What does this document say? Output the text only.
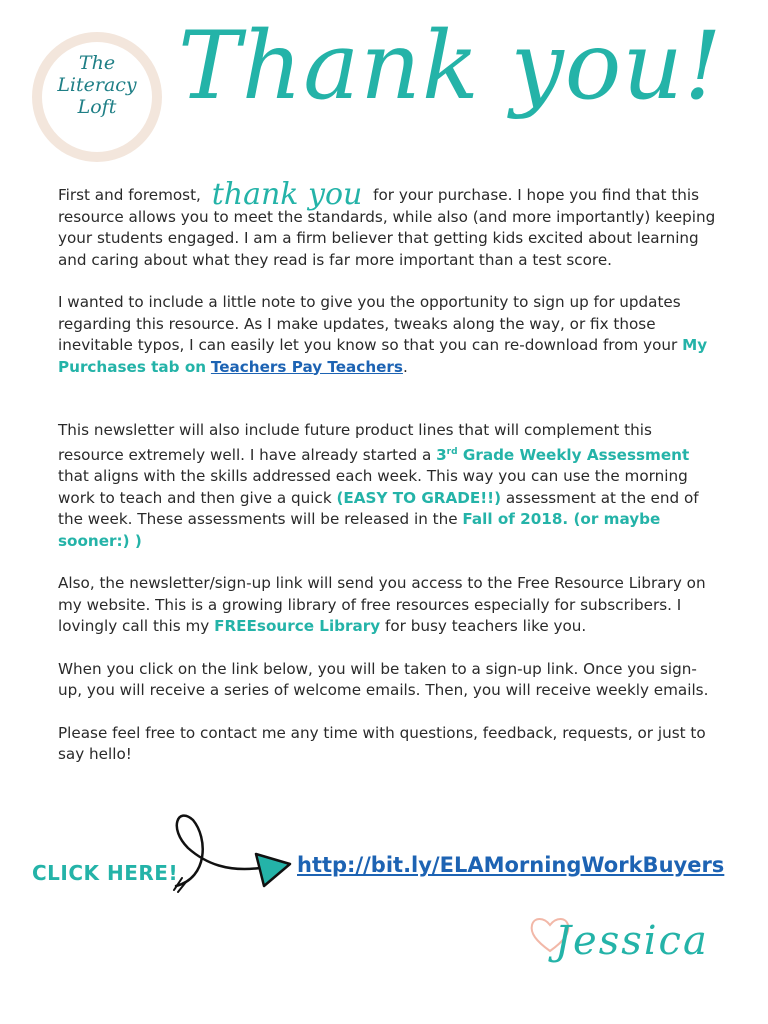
The
Literacy
Loft Thank you!

First and foremost, thank you for your purchase. I hope you find that this resource allows you to meet the standards, while also (and more importantly) keeping your students engaged. I am a firm believer that getting kids excited about learning and caring about what they read is far more important than a test score.

I wanted to include a little note to give you the opportunity to sign up for updates regarding this resource. As I make updates, tweaks along the way, or fix those inevitable typos, I can easily let you know so that you can re-download from your My Purchases tab on Teachers Pay Teachers.

This newsletter will also include future product lines that will complement this resource extremely well. I have already started a 3rd Grade Weekly Assessment that aligns with the skills addressed each week. This way you can use the morning work to teach and then give a quick (EASY TO GRADE!!) assessment at the end of the week. These assessments will be released in the Fall of 2018. (or maybe sooner:) )

Also, the newsletter/sign-up link will send you access to the Free Resource Library on my website. This is a growing library of free resources especially for subscribers. I lovingly call this my FREEsource Library for busy teachers like you.

When you click on the link below, you will be taken to a sign-up link. Once you sign-up, you will receive a series of welcome emails. Then, you will receive weekly emails.

Please feel free to contact me any time with questions, feedback, requests, or just to say hello!

CLICK HERE!	http://bit.ly/ELAMorningWorkBuyers
Jessica
